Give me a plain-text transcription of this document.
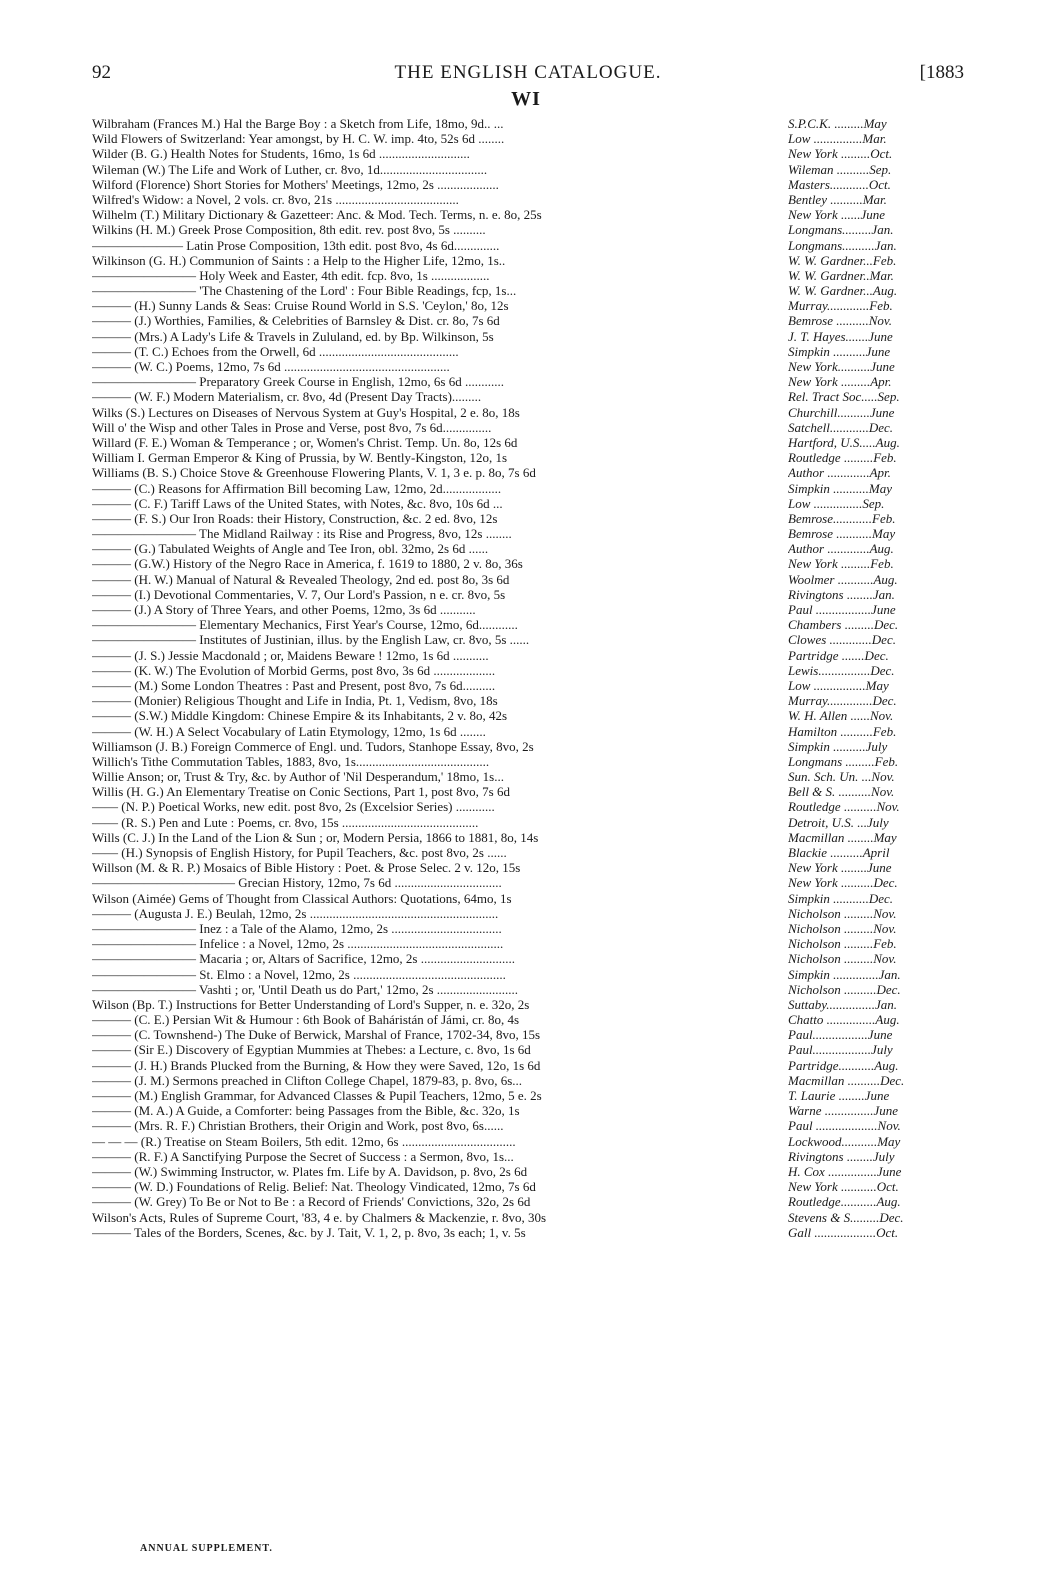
92	THE ENGLISH CATALOGUE.	[1883
WI
Wilbraham (Frances M.) Hal the Barge Boy : a Sketch from Life, 18mo, 9d.. ...	S.P.C.K. .........May
Wild Flowers of Switzerland: Year amongst, by H. C. W. imp. 4to, 52s 6d ........	Low ...............Mar.
Wilder (B. G.) Health Notes for Students, 16mo, 1s 6d ............................	New York .........Oct.
Wileman (W.) The Life and Work of Luther, cr. 8vo, 1d.................................	Wileman ..........Sep.
Wilford (Florence) Short Stories for Mothers' Meetings, 12mo, 2s ...................	Masters............Oct.
Wilfred's Widow: a Novel, 2 vols. cr. 8vo, 21s ......................................	Bentley ..........Mar.
Wilhelm (T.) Military Dictionary & Gazetteer: Anc. & Mod. Tech. Terms, n. e. 8o, 25s	New York ......June
Wilkins (H. M.) Greek Prose Composition, 8th edit. rev. post 8vo, 5s ..........	Longmans.........Jan.
——————— Latin Prose Composition, 13th edit. post 8vo, 4s 6d..............	Longmans..........Jan.
Wilkinson (G. H.) Communion of Saints : a Help to the Higher Life, 12mo, 1s..	W. W. Gardner...Feb.
———————— Holy Week and Easter, 4th edit. fcp. 8vo, 1s ..................	W. W. Gardner..Mar.
———————— 'The Chastening of the Lord' : Four Bible Readings, fcp, 1s...	W. W. Gardner...Aug.
——— (H.) Sunny Lands & Seas: Cruise Round World in S.S. 'Ceylon,' 8o, 12s	Murray.............Feb.
——— (J.) Worthies, Families, & Celebrities of Barnsley & Dist. cr. 8o, 7s 6d	Bemrose ..........Nov.
——— (Mrs.) A Lady's Life & Travels in Zululand, ed. by Bp. Wilkinson, 5s	J. T. Hayes.......June
——— (T. C.) Echoes from the Orwell, 6d ...........................................	Simpkin ..........June
——— (W. C.) Poems, 12mo, 7s 6d ...................................................	New York..........June
———————— Preparatory Greek Course in English, 12mo, 6s 6d ............	New York .........Apr.
——— (W. F.) Modern Materialism, cr. 8vo, 4d (Present Day Tracts).........	Rel. Tract Soc.....Sep.
Wilks (S.) Lectures on Diseases of Nervous System at Guy's Hospital, 2 e. 8o, 18s	Churchill..........June
Will o' the Wisp and other Tales in Prose and Verse, post 8vo, 7s 6d...............	Satchell............Dec.
Willard (F. E.) Woman & Temperance ; or, Women's Christ. Temp. Un. 8o, 12s 6d	Hartford, U.S.....Aug.
William I. German Emperor & King of Prussia, by W. Bently-Kingston, 12o, 1s	Routledge .........Feb.
Williams (B. S.) Choice Stove & Greenhouse Flowering Plants, V. 1, 3 e. p. 8o, 7s 6d	Author .............Apr.
——— (C.) Reasons for Affirmation Bill becoming Law, 12mo, 2d..................	Simpkin ...........May
——— (C. F.) Tariff Laws of the United States, with Notes, &c. 8vo, 10s 6d ...	Low ...............Sep.
——— (F. S.) Our Iron Roads: their History, Construction, &c. 2 ed. 8vo, 12s	Bemrose............Feb.
———————— The Midland Railway : its Rise and Progress, 8vo, 12s ........	Bemrose ...........May
——— (G.) Tabulated Weights of Angle and Tee Iron, obl. 32mo, 2s 6d ......	Author .............Aug.
——— (G.W.) History of the Negro Race in America, f. 1619 to 1880, 2 v. 8o, 36s	New York .........Feb.
——— (H. W.) Manual of Natural & Revealed Theology, 2nd ed. post 8o, 3s 6d	Woolmer ...........Aug.
——— (I.) Devotional Commentaries, V. 7, Our Lord's Passion, n e. cr. 8vo, 5s	Rivingtons ........Jan.
——— (J.) A Story of Three Years, and other Poems, 12mo, 3s 6d ...........	Paul .................June
———————— Elementary Mechanics, First Year's Course, 12mo, 6d............	Chambers .........Dec.
———————— Institutes of Justinian, illus. by the English Law, cr. 8vo, 5s ......	Clowes .............Dec.
——— (J. S.) Jessie Macdonald ; or, Maidens Beware ! 12mo, 1s 6d ...........	Partridge .......Dec.
——— (K. W.) The Evolution of Morbid Germs, post 8vo, 3s 6d ...................	Lewis................Dec.
——— (M.) Some London Theatres : Past and Present, post 8vo, 7s 6d..........	Low ................May
——— (Monier) Religious Thought and Life in India, Pt. 1, Vedism, 8vo, 18s	Murray..............Dec.
——— (S.W.) Middle Kingdom: Chinese Empire & its Inhabitants, 2 v. 8o, 42s	W. H. Allen ......Nov.
——— (W. H.) A Select Vocabulary of Latin Etymology, 12mo, 1s 6d ........	Hamilton ..........Feb.
Williamson (J. B.) Foreign Commerce of Engl. und. Tudors, Stanhope Essay, 8vo, 2s	Simpkin ..........July
Willich's Tithe Commutation Tables, 1883, 8vo, 1s.........................................	Longmans .........Feb.
Willie Anson; or, Trust & Try, &c. by Author of 'Nil Desperandum,' 18mo, 1s...	Sun. Sch. Un. ...Nov.
Willis (H. G.) An Elementary Treatise on Conic Sections, Part 1, post 8vo, 7s 6d	Bell & S. ..........Nov.
—— (N. P.) Poetical Works, new edit. post 8vo, 2s (Excelsior Series) ............	Routledge ..........Nov.
—— (R. S.) Pen and Lute : Poems, cr. 8vo, 15s ..........................................	Detroit, U.S. ...July
Wills (C. J.) In the Land of the Lion & Sun ; or, Modern Persia, 1866 to 1881, 8o, 14s	Macmillan ........May
—— (H.) Synopsis of English History, for Pupil Teachers, &c. post 8vo, 2s ......	Blackie ..........April
Willson (M. & R. P.) Mosaics of Bible History : Poet. & Prose Selec. 2 v. 12o, 15s	New York ........June
——————————— Grecian History, 12mo, 7s 6d .................................	New York ..........Dec.
Wilson (Aimée) Gems of Thought from Classical Authors: Quotations, 64mo, 1s	Simpkin ...........Dec.
——— (Augusta J. E.) Beulah, 12mo, 2s ..........................................................	Nicholson .........Nov.
———————— Inez : a Tale of the Alamo, 12mo, 2s ..................................	Nicholson .........Nov.
———————— Infelice : a Novel, 12mo, 2s ................................................	Nicholson .........Feb.
———————— Macaria ; or, Altars of Sacrifice, 12mo, 2s .............................	Nicholson .........Nov.
———————— St. Elmo : a Novel, 12mo, 2s ...............................................	Simpkin ..............Jan.
———————— Vashti ; or, 'Until Death us do Part,' 12mo, 2s .........................	Nicholson ..........Dec.
Wilson (Bp. T.) Instructions for Better Understanding of Lord's Supper, n. e. 32o, 2s	Suttaby...............Jan.
——— (C. E.) Persian Wit & Humour : 6th Book of Baháristán of Jámi, cr. 8o, 4s	Chatto ...............Aug.
——— (C. Townshend-) The Duke of Berwick, Marshal of France, 1702-34, 8vo, 15s	Paul.................June
——— (Sir E.) Discovery of Egyptian Mummies at Thebes: a Lecture, c. 8vo, 1s 6d	Paul..................July
——— (J. H.) Brands Plucked from the Burning, & How they were Saved, 12o, 1s 6d	Partridge...........Aug.
——— (J. M.) Sermons preached in Clifton College Chapel, 1879-83, p. 8vo, 6s...	Macmillan ..........Dec.
——— (M.) English Grammar, for Advanced Classes & Pupil Teachers, 12mo, 5 e. 2s	T. Laurie ........June
——— (M. A.) A Guide, a Comforter: being Passages from the Bible, &c. 32o, 1s	Warne ...............June
——— (Mrs. R. F.) Christian Brothers, their Origin and Work, post 8vo, 6s......	Paul ...................Nov.
— — — (R.) Treatise on Steam Boilers, 5th edit. 12mo, 6s ...................................	Lockwood...........May
——— (R. F.) A Sanctifying Purpose the Secret of Success : a Sermon, 8vo, 1s...	Rivingtons ........July
——— (W.) Swimming Instructor, w. Plates fm. Life by A. Davidson, p. 8vo, 2s 6d	H. Cox ...............June
——— (W. D.) Foundations of Relig. Belief: Nat. Theology Vindicated, 12mo, 7s 6d	New York ...........Oct.
——— (W. Grey) To Be or Not to Be : a Record of Friends' Convictions, 32o, 2s 6d	Routledge...........Aug.
Wilson's Acts, Rules of Supreme Court, '83, 4 e. by Chalmers & Mackenzie, r. 8vo, 30s	Stevens & S.........Dec.
——— Tales of the Borders, Scenes, &c. by J. Tait, V. 1, 2, p. 8vo, 3s each; 1, v. 5s	Gall ...................Oct.
ANNUAL SUPPLEMENT.
